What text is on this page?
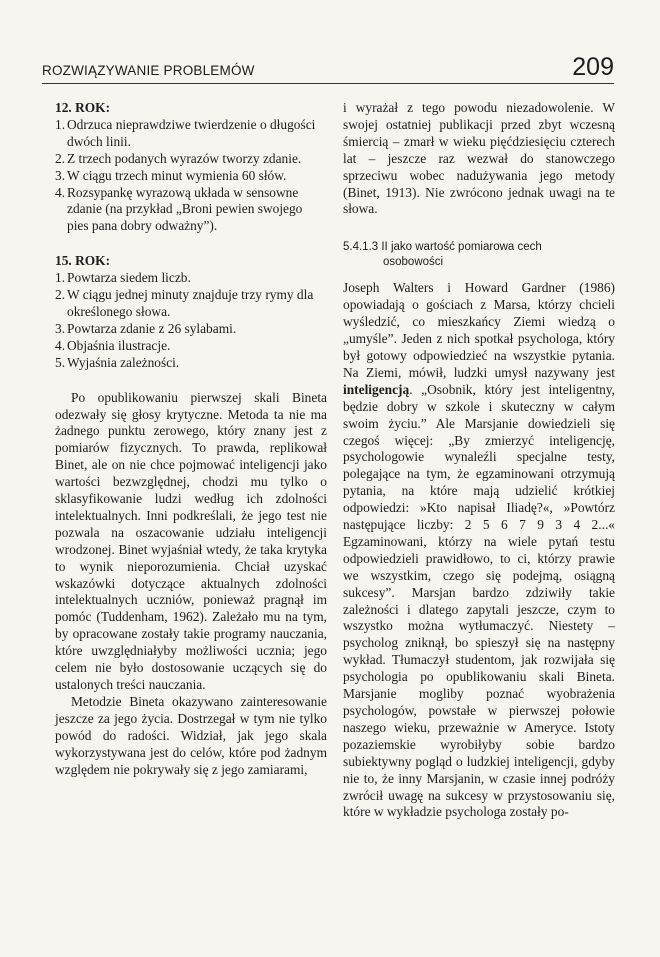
ROZWIĄZYWANIE PROBLEMÓW	209

12. ROK:

1. Odrzuca nieprawdziwe twierdzenie o długości dwóch linii.
2. Z trzech podanych wyrazów tworzy zdanie.
3. W ciągu trzech minut wymienia 60 słów.
4. Rozsypankę wyrazową układa w sensowne zdanie (na przykład „Broni pewien swojego pies pana dobry odważny”).

15. ROK:

1. Powtarza siedem liczb.
2. W ciągu jednej minuty znajduje trzy rymy dla określonego słowa.
3. Powtarza zdanie z 26 sylabami.
4. Objaśnia ilustracje.
5. Wyjaśnia zależności.

Po opublikowaniu pierwszej skali Bineta odezwały się głosy krytyczne. Metoda ta nie ma żadnego punktu zerowego, który znany jest z pomiarów fizycznych. To prawda, replikował Binet, ale on nie chce pojmować inteligencji jako wartości bezwzględnej, chodzi mu tylko o sklasyfikowanie ludzi według ich zdolności intelektualnych. Inni podkreślali, że jego test nie pozwala na oszacowanie udziału inteligencji wrodzonej. Binet wyjaśniał wtedy, że taka krytyka to wynik nieporozumienia. Chciał uzyskać wskazówki dotyczące aktualnych zdolności intelektualnych uczniów, ponieważ pragnął im pomóc (Tuddenham, 1962). Zależało mu na tym, by opracowane zostały takie programy nauczania, które uwzględniałyby możliwości ucznia; jego celem nie było dostosowanie uczących się do ustalonych treści nauczania.

Metodzie Bineta okazywano zainteresowanie jeszcze za jego życia. Dostrzegał w tym nie tylko powód do radości. Widział, jak jego skala wykorzystywana jest do celów, które pod żadnym względem nie pokrywały się z jego zamiarami,

i wyrażał z tego powodu niezadowolenie. W swojej ostatniej publikacji przed zbyt wczesną śmiercią – zmarł w wieku pięćdziesięciu czterech lat – jeszcze raz wezwał do stanowczego sprzeciwu wobec nadużywania jego metody (Binet, 1913). Nie zwrócono jednak uwagi na te słowa.

5.4.1.3 II jako wartość pomiarowa cech
osobowości

Joseph Walters i Howard Gardner (1986) opowiadają o gościach z Marsa, którzy chcieli wyśledzić, co mieszkańcy Ziemi wiedzą o „umyśle”. Jeden z nich spotkał psychologa, który był gotowy odpowiedzieć na wszystkie pytania. Na Ziemi, mówił, ludzki umysł nazywany jest inteligencją. „Osobnik, który jest inteligentny, będzie dobry w szkole i skuteczny w całym swoim życiu.” Ale Marsjanie dowiedzieli się czegoś więcej: „By zmierzyć inteligencję, psychologowie wynaleźli specjalne testy, polegające na tym, że egzaminowani otrzymują pytania, na które mają udzielić krótkiej odpowiedzi: »Kto napisał Iliadę?«, »Powtórz następujące liczby: 2 5 6 7 9 3 4 2...« Egzaminowani, którzy na wiele pytań testu odpowiedzieli prawidłowo, to ci, którzy prawie we wszystkim, czego się podejmą, osiągną sukcesy”. Marsjan bardzo zdziwiły takie zależności i dlatego zapytali jeszcze, czym to wszystko można wytłumaczyć. Niestety – psycholog zniknął, bo spieszył się na następny wykład. Tłumaczył studentom, jak rozwijała się psychologia po opublikowaniu skali Bineta. Marsjanie mogliby poznać wyobrażenia psychologów, powstałe w pierwszej połowie naszego wieku, przeważnie w Ameryce. Istoty pozaziemskie wyrobiłyby sobie bardzo subiektywny pogląd o ludzkiej inteligencji, gdyby nie to, że inny Marsjanin, w czasie innej podróży zwrócił uwagę na sukcesy w przystosowaniu się, które w wykładzie psychologa zostały po-
